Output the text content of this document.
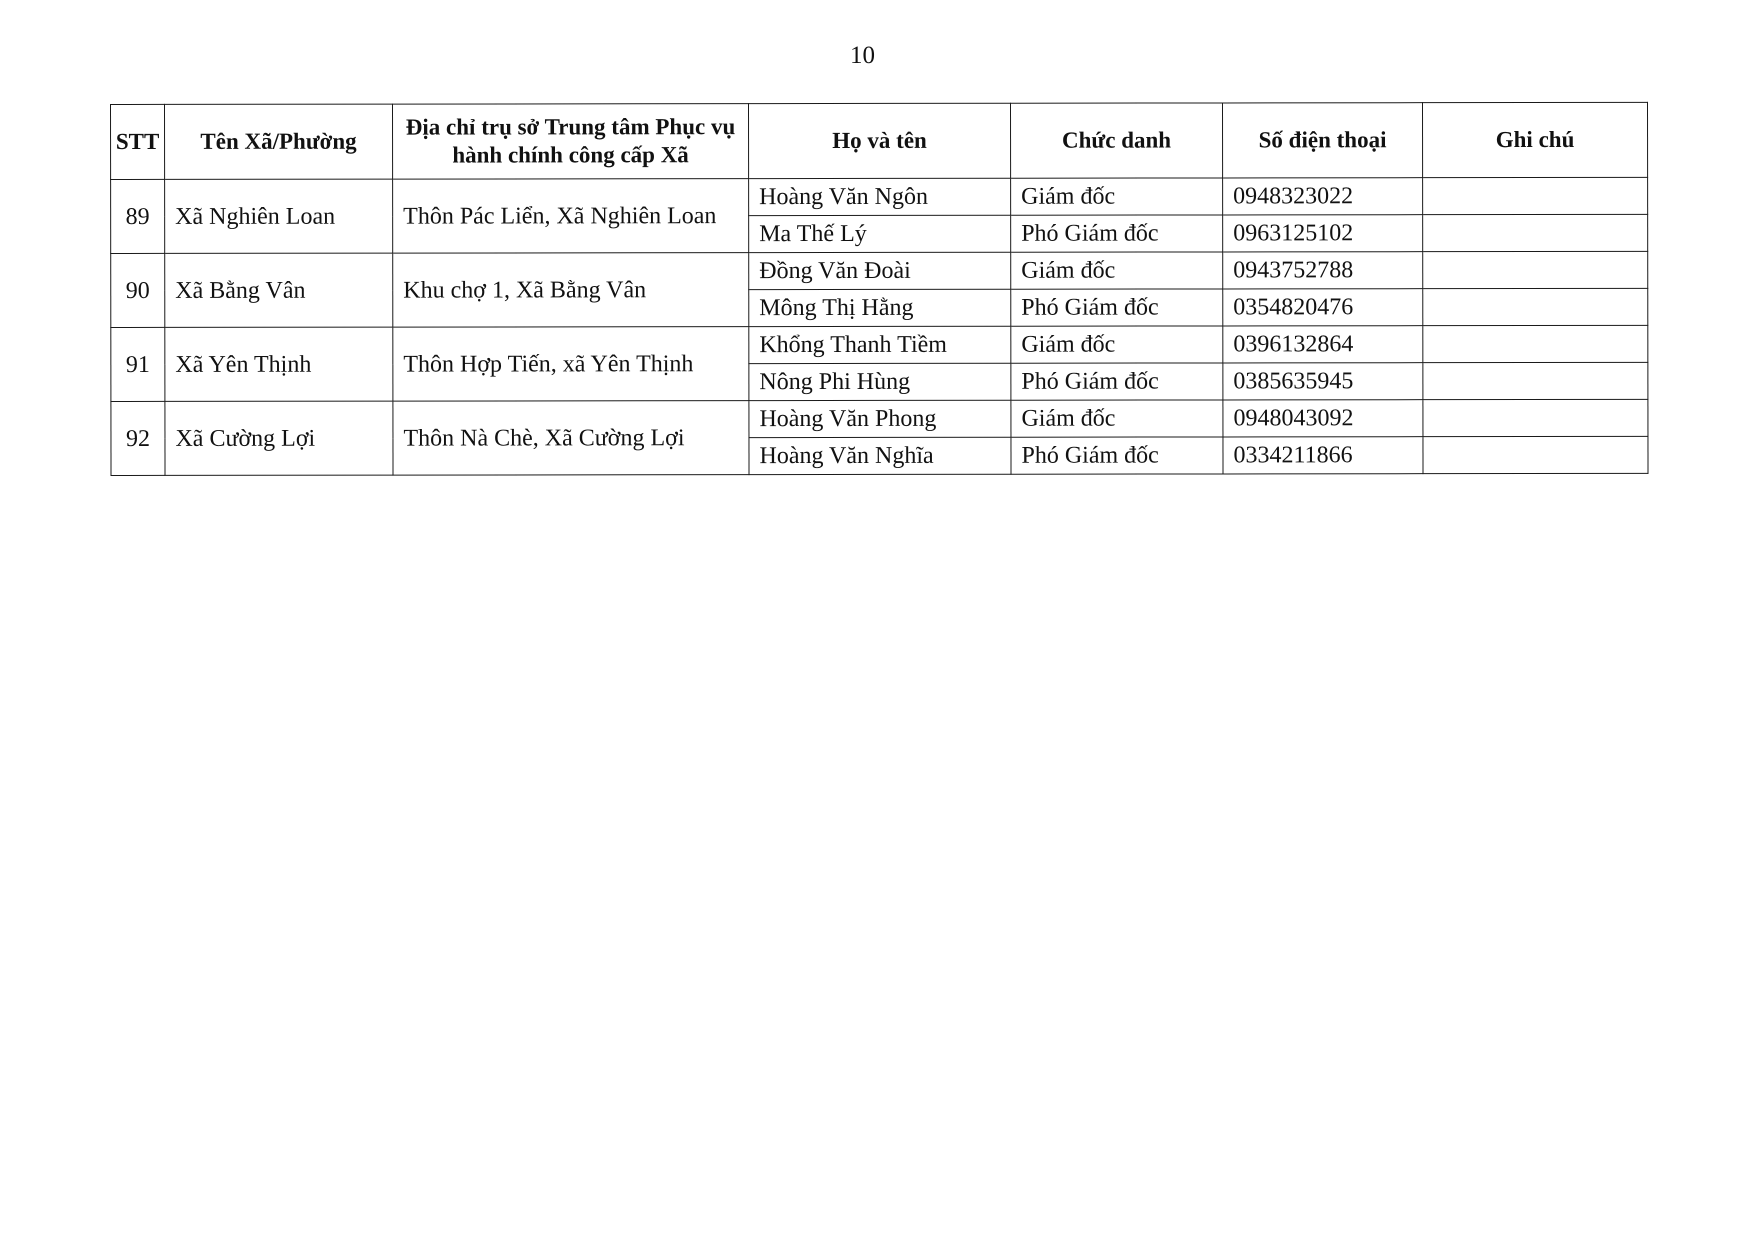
10
STT	Tên Xã/Phường	Địa chỉ trụ sở Trung tâm Phục vụ hành chính công cấp Xã	Họ và tên	Chức danh	Số điện thoại	Ghi chú
89	Xã Nghiên Loan	Thôn Pác Liển, Xã Nghiên Loan	Hoàng Văn Ngôn	Giám đốc	0948323022	
			Ma Thế Lý	Phó Giám đốc	0963125102	
90	Xã Bằng Vân	Khu chợ 1, Xã Bằng Vân	Đồng Văn Đoài	Giám đốc	0943752788	
			Mông Thị Hằng	Phó Giám đốc	0354820476	
91	Xã Yên Thịnh	Thôn Hợp Tiến, xã Yên Thịnh	Khổng Thanh Tiềm	Giám đốc	0396132864	
			Nông Phi Hùng	Phó Giám đốc	0385635945	
92	Xã Cường Lợi	Thôn Nà Chè, Xã Cường Lợi	Hoàng Văn Phong	Giám đốc	0948043092	
			Hoàng Văn Nghĩa	Phó Giám đốc	0334211866	
